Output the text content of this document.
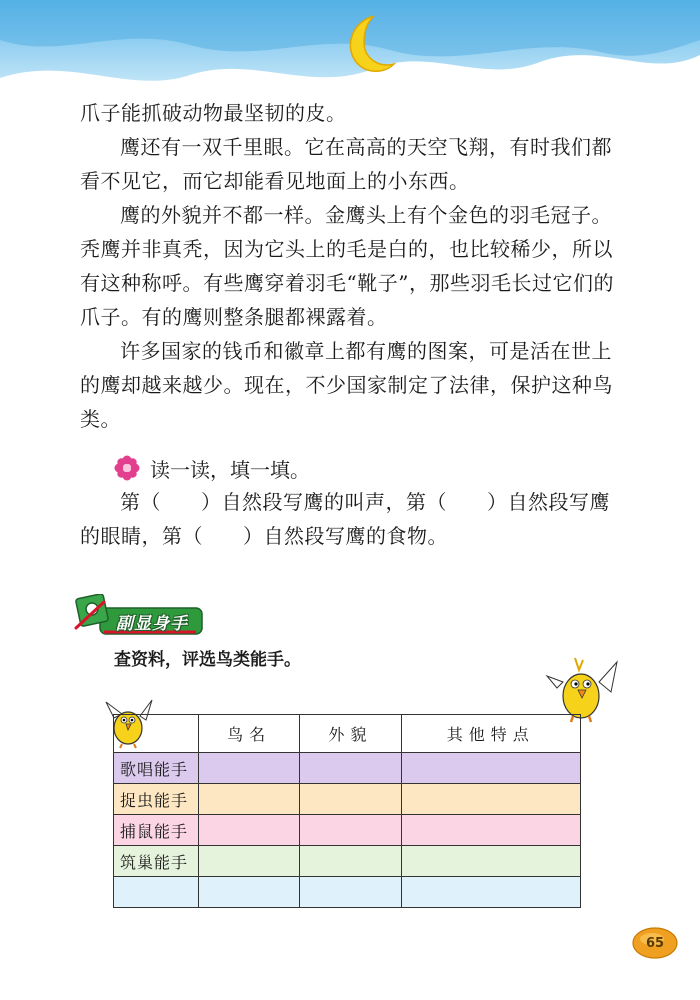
爪子能抓破动物最坚韧的皮。

鹰还有一双千里眼。它在高高的天空飞翔，有时我们都看不见它，而它却能看见地面上的小东西。

鹰的外貌并不都一样。金鹰头上有个金色的羽毛冠子。秃鹰并非真秃，因为它头上的毛是白的，也比较稀少，所以有这种称呼。有些鹰穿着羽毛“靴子”，那些羽毛长过它们的爪子。有的鹰则整条腿都裸露着。

许多国家的钱币和徽章上都有鹰的图案，可是活在世上的鹰却越来越少。现在，不少国家制定了法律，保护这种鸟类。

读一读，填一填。

第（ ）自然段写鹰的叫声，第（ ）自然段写鹰的眼睛，第（ ）自然段写鹰的食物。

副显身手
查资料，评选鸟类能手。
	鸟名	外貌	其他特点
歌唱能手			
捉虫能手			
捕鼠能手			
筑巢能手			

65
